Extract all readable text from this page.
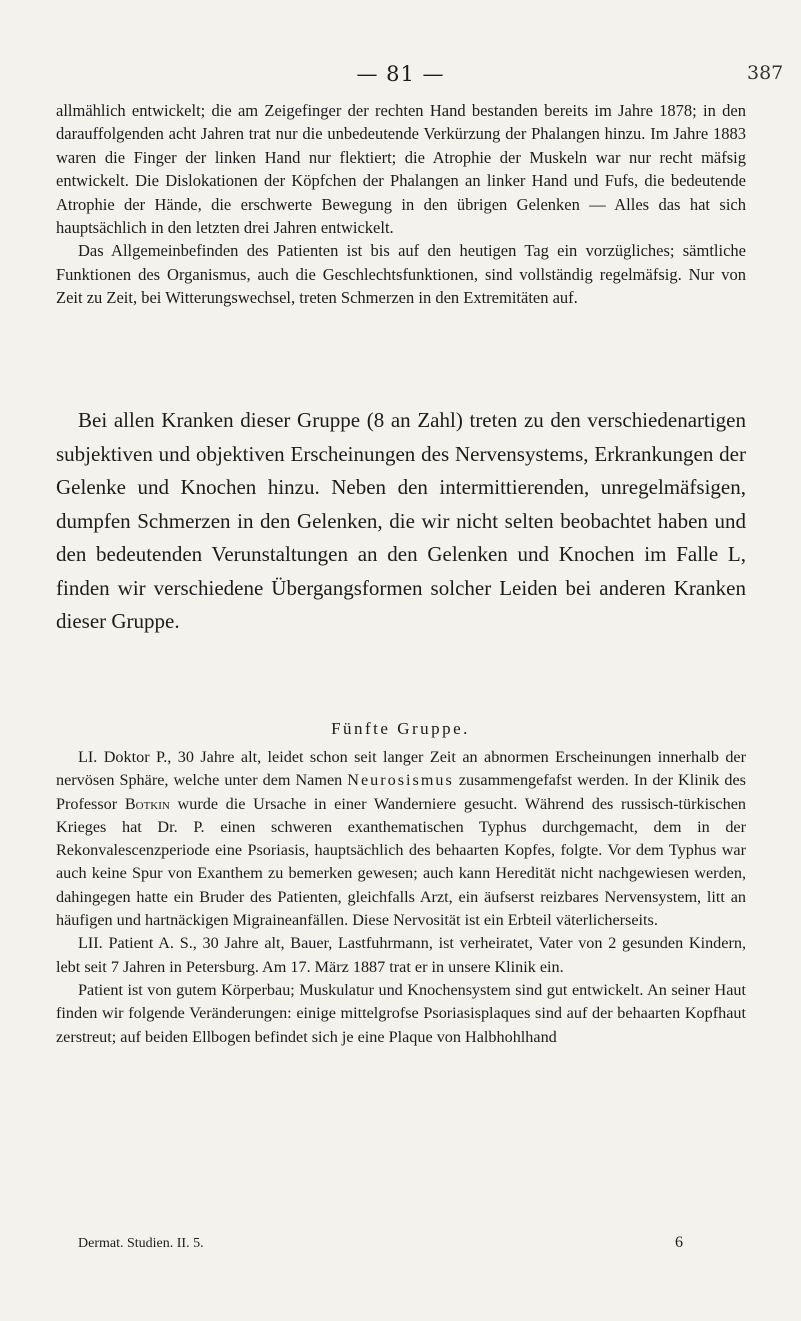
— 81 —	387

allmählich entwickelt; die am Zeigefinger der rechten Hand bestanden bereits im Jahre 1878; in den darauffolgenden acht Jahren trat nur die unbedeutende Verkürzung der Phalangen hinzu. Im Jahre 1883 waren die Finger der linken Hand nur flektiert; die Atrophie der Muskeln war nur recht mäfsig entwickelt. Die Dislokationen der Köpfchen der Phalangen an linker Hand und Fufs, die bedeutende Atrophie der Hände, die erschwerte Bewegung in den übrigen Gelenken — Alles das hat sich hauptsächlich in den letzten drei Jahren entwickelt.

Das Allgemeinbefinden des Patienten ist bis auf den heutigen Tag ein vorzügliches; sämtliche Funktionen des Organismus, auch die Geschlechtsfunktionen, sind vollständig regelmäfsig. Nur von Zeit zu Zeit, bei Witterungswechsel, treten Schmerzen in den Extremitäten auf.

Bei allen Kranken dieser Gruppe (8 an Zahl) treten zu den verschiedenartigen subjektiven und objektiven Erscheinungen des Nervensystems, Erkrankungen der Gelenke und Knochen hinzu. Neben den intermittierenden, unregelmäfsigen, dumpfen Schmerzen in den Gelenken, die wir nicht selten beobachtet haben und den bedeutenden Verunstaltungen an den Gelenken und Knochen im Falle L, finden wir verschiedene Übergangsformen solcher Leiden bei anderen Kranken dieser Gruppe.

Fünfte Gruppe.

LI. Doktor P., 30 Jahre alt, leidet schon seit langer Zeit an abnormen Erscheinungen innerhalb der nervösen Sphäre, welche unter dem Namen Neurosismus zusammengefafst werden. In der Klinik des Professor Botkin wurde die Ursache in einer Wanderniere gesucht. Während des russisch-türkischen Krieges hat Dr. P. einen schweren exanthematischen Typhus durchgemacht, dem in der Rekonvalescenzperiode eine Psoriasis, hauptsächlich des behaarten Kopfes, folgte. Vor dem Typhus war auch keine Spur von Exanthem zu bemerken gewesen; auch kann Heredität nicht nachgewiesen werden, dahingegen hatte ein Bruder des Patienten, gleichfalls Arzt, ein äufserst reizbares Nervensystem, litt an häufigen und hartnäckigen Migraineanfällen. Diese Nervosität ist ein Erbteil väterlicherseits.

LII. Patient A. S., 30 Jahre alt, Bauer, Lastfuhrmann, ist verheiratet, Vater von 2 gesunden Kindern, lebt seit 7 Jahren in Petersburg. Am 17. März 1887 trat er in unsere Klinik ein.

Patient ist von gutem Körperbau; Muskulatur und Knochensystem sind gut entwickelt. An seiner Haut finden wir folgende Veränderungen: einige mittelgrofse Psoriasisplaques sind auf der behaarten Kopfhaut zerstreut; auf beiden Ellbogen befindet sich je eine Plaque von Halbhohlhand

Dermat. Studien. II. 5.	6
